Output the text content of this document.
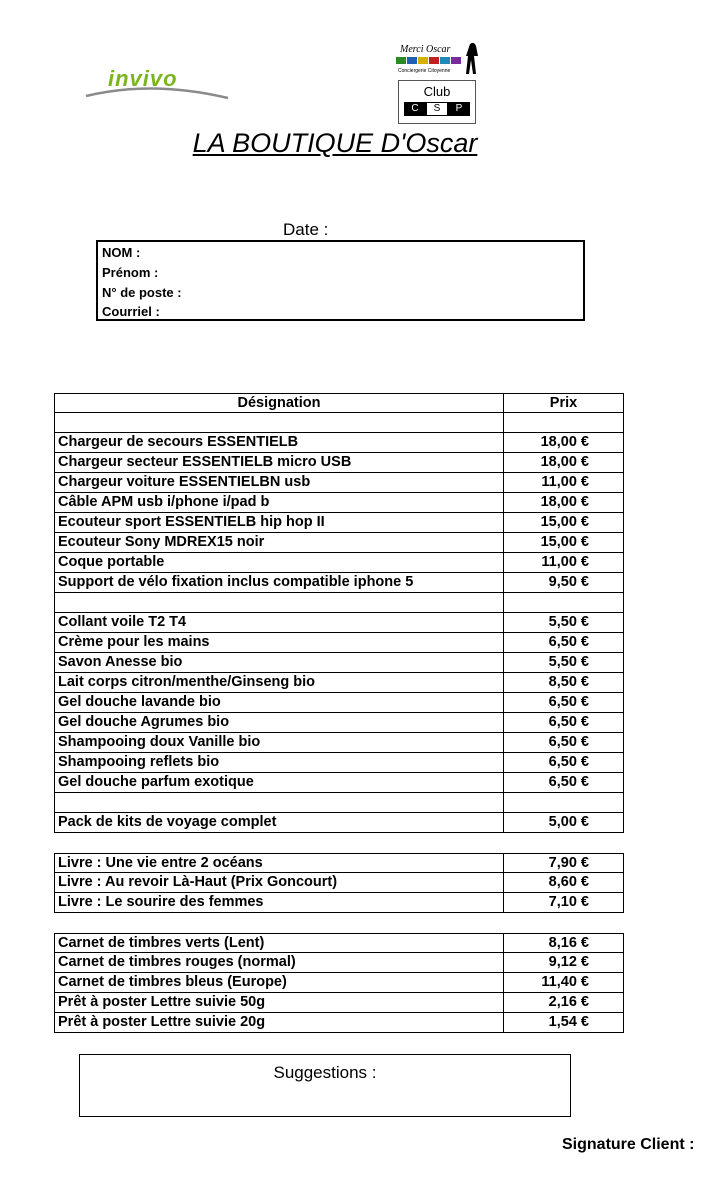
invivo
Merci Oscar
Conciergerie Citoyenne
Club
C	S	P
LA BOUTIQUE D'Oscar
Date :
NOM :
Prénom :
N° de poste :
Courriel :
Désignation	Prix
Chargeur de secours ESSENTIELB	18,00 €
Chargeur secteur ESSENTIELB micro USB	18,00 €
Chargeur voiture ESSENTIELBN usb	11,00 €
Câble APM usb i/phone i/pad b	18,00 €
Ecouteur sport ESSENTIELB hip hop II	15,00 €
Ecouteur Sony MDREX15 noir	15,00 €
Coque portable	11,00 €
Support de vélo fixation inclus compatible iphone 5	9,50 €
Collant voile T2 T4	5,50 €
Crème pour les mains	6,50 €
Savon Anesse bio	5,50 €
Lait corps citron/menthe/Ginseng bio	8,50 €
Gel douche lavande bio	6,50 €
Gel douche Agrumes bio	6,50 €
Shampooing doux Vanille bio	6,50 €
Shampooing reflets bio	6,50 €
Gel douche parfum exotique	6,50 €
Pack de kits de voyage complet	5,00 €
Livre : Une vie entre 2 océans	7,90 €
Livre : Au revoir Là-Haut (Prix Goncourt)	8,60 €
Livre : Le sourire des femmes	7,10 €
Carnet de timbres verts (Lent)	8,16 €
Carnet de timbres rouges (normal)	9,12 €
Carnet de timbres bleus (Europe)	11,40 €
Prêt à poster Lettre suivie 50g	2,16 €
Prêt à poster Lettre suivie 20g	1,54 €
Suggestions :
Signature Client :
